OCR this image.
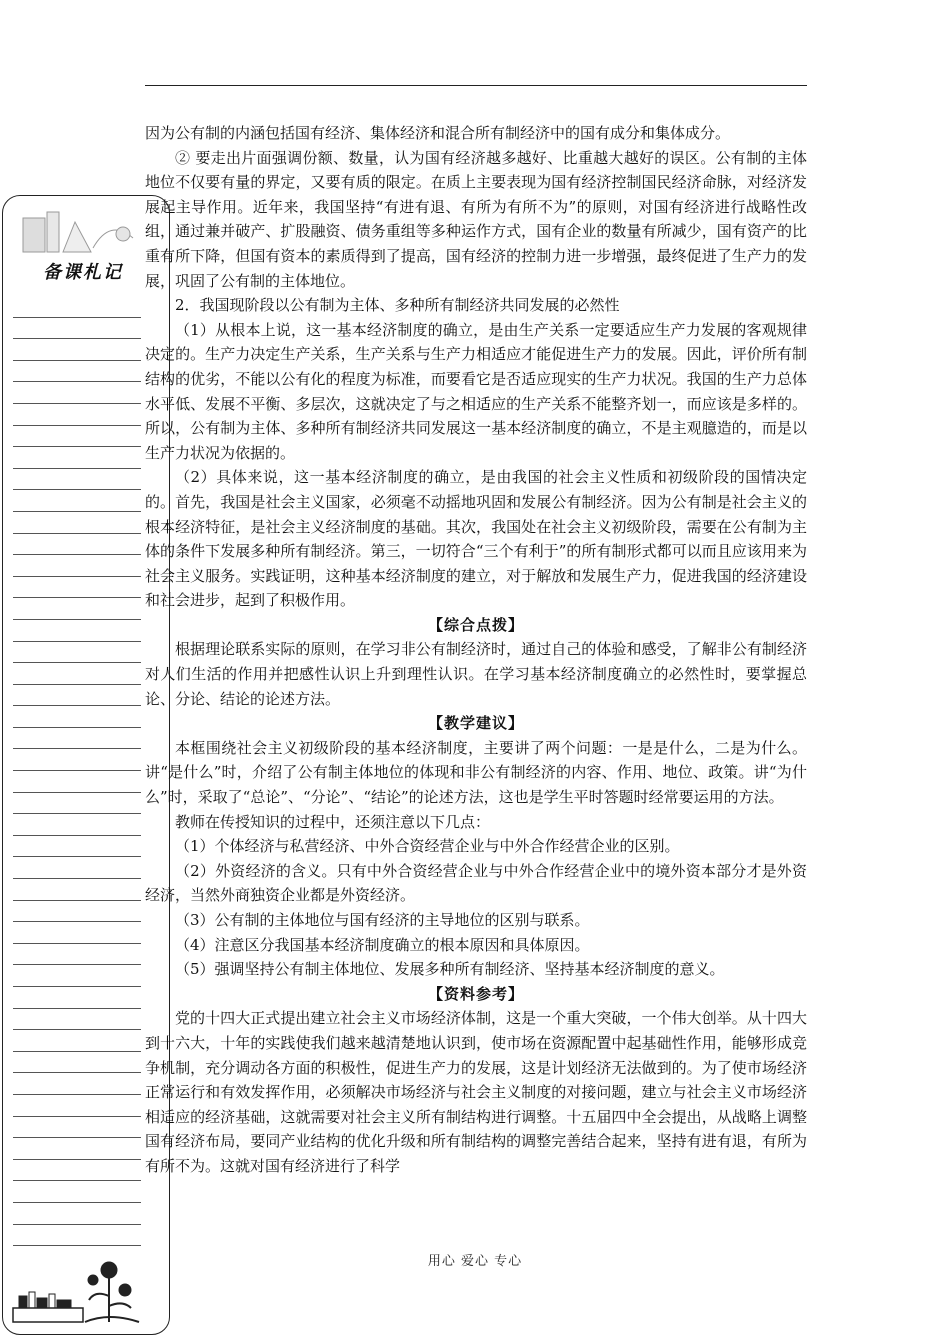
备课札记

因为公有制的内涵包括国有经济、集体经济和混合所有制经济中的国有成分和集体成分。

② 要走出片面强调份额、数量，认为国有经济越多越好、比重越大越好的误区。公有制的主体地位不仅要有量的界定，又要有质的限定。在质上主要表现为国有经济控制国民经济命脉，对经济发展起主导作用。近年来，我国坚持“有进有退、有所为有所不为”的原则，对国有经济进行战略性改组，通过兼并破产、扩股融资、债务重组等多种运作方式，国有企业的数量有所减少，国有资产的比重有所下降，但国有资本的素质得到了提高，国有经济的控制力进一步增强，最终促进了生产力的发展，巩固了公有制的主体地位。

2．我国现阶段以公有制为主体、多种所有制经济共同发展的必然性

（1）从根本上说，这一基本经济制度的确立，是由生产关系一定要适应生产力发展的客观规律决定的。生产力决定生产关系，生产关系与生产力相适应才能促进生产力的发展。因此，评价所有制结构的优劣，不能以公有化的程度为标准，而要看它是否适应现实的生产力状况。我国的生产力总体水平低、发展不平衡、多层次，这就决定了与之相适应的生产关系不能整齐划一，而应该是多样的。所以，公有制为主体、多种所有制经济共同发展这一基本经济制度的确立，不是主观臆造的，而是以生产力状况为依据的。

（2）具体来说，这一基本经济制度的确立，是由我国的社会主义性质和初级阶段的国情决定的。首先，我国是社会主义国家，必须毫不动摇地巩固和发展公有制经济。因为公有制是社会主义的根本经济特征，是社会主义经济制度的基础。其次，我国处在社会主义初级阶段，需要在公有制为主体的条件下发展多种所有制经济。第三，一切符合“三个有利于”的所有制形式都可以而且应该用来为社会主义服务。实践证明，这种基本经济制度的建立，对于解放和发展生产力，促进我国的经济建设和社会进步，起到了积极作用。

【综合点拨】

根据理论联系实际的原则，在学习非公有制经济时，通过自己的体验和感受，了解非公有制经济对人们生活的作用并把感性认识上升到理性认识。在学习基本经济制度确立的必然性时，要掌握总论、分论、结论的论述方法。

【教学建议】

本框围绕社会主义初级阶段的基本经济制度，主要讲了两个问题：一是是什么，二是为什么。讲“是什么”时，介绍了公有制主体地位的体现和非公有制经济的内容、作用、地位、政策。讲“为什么”时，采取了“总论”、“分论”、“结论”的论述方法，这也是学生平时答题时经常要运用的方法。

教师在传授知识的过程中，还须注意以下几点：

（1）个体经济与私营经济、中外合资经营企业与中外合作经营企业的区别。

（2）外资经济的含义。只有中外合资经营企业与中外合作经营企业中的境外资本部分才是外资经济，当然外商独资企业都是外资经济。

（3）公有制的主体地位与国有经济的主导地位的区别与联系。

（4）注意区分我国基本经济制度确立的根本原因和具体原因。

（5）强调坚持公有制主体地位、发展多种所有制经济、坚持基本经济制度的意义。

【资料参考】

党的十四大正式提出建立社会主义市场经济体制，这是一个重大突破，一个伟大创举。从十四大到十六大，十年的实践使我们越来越清楚地认识到，使市场在资源配置中起基础性作用，能够形成竞争机制，充分调动各方面的积极性，促进生产力的发展，这是计划经济无法做到的。为了使市场经济正常运行和有效发挥作用，必须解决市场经济与社会主义制度的对接问题，建立与社会主义市场经济相适应的经济基础，这就需要对社会主义所有制结构进行调整。十五届四中全会提出，从战略上调整国有经济布局，要同产业结构的优化升级和所有制结构的调整完善结合起来，坚持有进有退，有所为有所不为。这就对国有经济进行了科学

用心 爱心 专心
